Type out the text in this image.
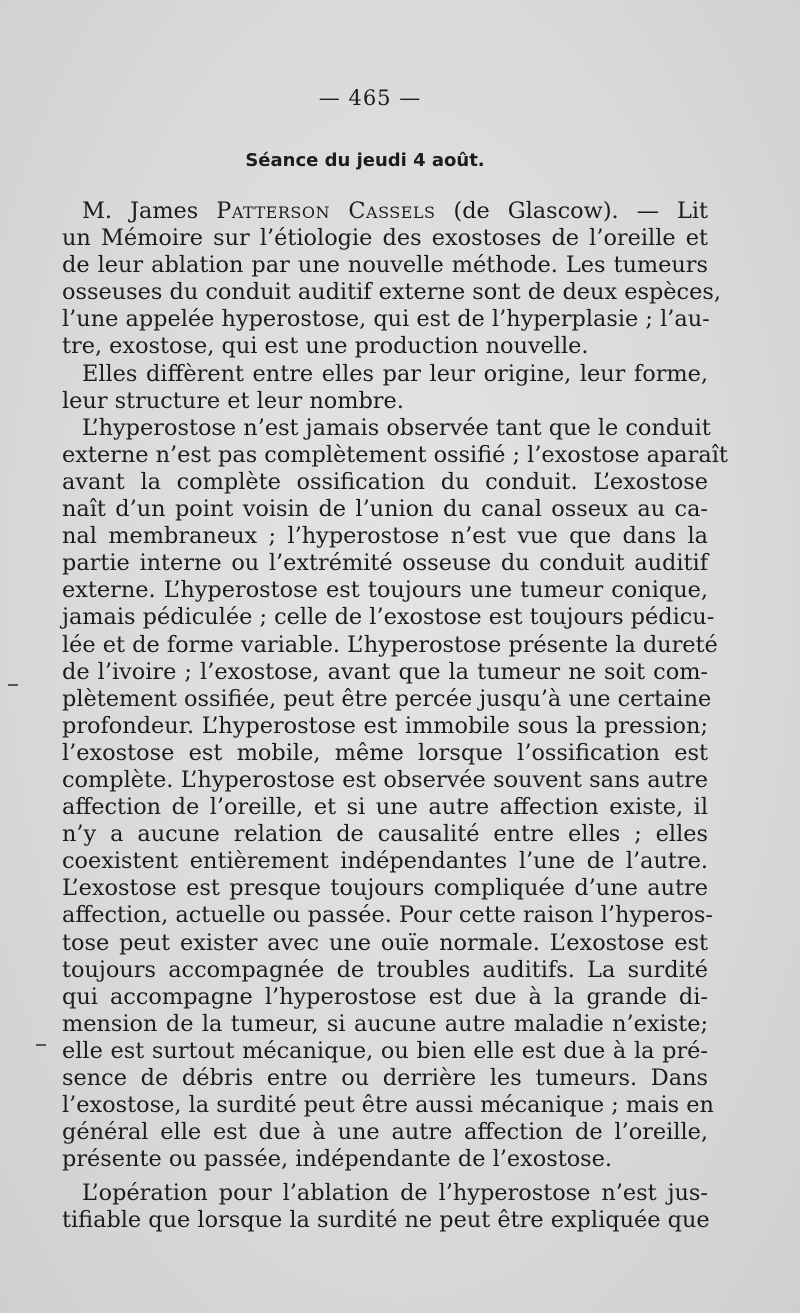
— 465 —
Séance du jeudi 4 août.
M. James Patterson Cassels (de Glascow). — Lit
un Mémoire sur l’étiologie des exostoses de l’oreille et
de leur ablation par une nouvelle méthode. Les tumeurs
osseuses du conduit auditif externe sont de deux espèces,
l’une appelée hyperostose, qui est de l’hyperplasie ; l’au-
tre, exostose, qui est une production nouvelle.
Elles diffèrent entre elles par leur origine, leur forme,
leur structure et leur nombre.
L’hyperostose n’est jamais observée tant que le conduit
externe n’est pas complètement ossifié ; l’exostose aparaît
avant la complète ossification du conduit. L’exostose
naît d’un point voisin de l’union du canal osseux au ca-
nal membraneux ; l’hyperostose n’est vue que dans la
partie interne ou l’extrémité osseuse du conduit auditif
externe. L’hyperostose est toujours une tumeur conique,
jamais pédiculée ; celle de l’exostose est toujours pédicu-
lée et de forme variable. L’hyperostose présente la dureté
de l’ivoire ; l’exostose, avant que la tumeur ne soit com-
plètement ossifiée, peut être percée jusqu’à une certaine
profondeur. L’hyperostose est immobile sous la pression;
l’exostose est mobile, même lorsque l’ossification est
complète. L’hyperostose est observée souvent sans autre
affection de l’oreille, et si une autre affection existe, il
n’y a aucune relation de causalité entre elles ; elles
coexistent entièrement indépendantes l’une de l’autre.
L’exostose est presque toujours compliquée d’une autre
affection, actuelle ou passée. Pour cette raison l’hyperos-
tose peut exister avec une ouïe normale. L’exostose est
toujours accompagnée de troubles auditifs. La surdité
qui accompagne l’hyperostose est due à la grande di-
mension de la tumeur, si aucune autre maladie n’existe;
elle est surtout mécanique, ou bien elle est due à la pré-
sence de débris entre ou derrière les tumeurs. Dans
l’exostose, la surdité peut être aussi mécanique ; mais en
général elle est due à une autre affection de l’oreille,
présente ou passée, indépendante de l’exostose.
L’opération pour l’ablation de l’hyperostose n’est jus-
tifiable que lorsque la surdité ne peut être expliquée que
